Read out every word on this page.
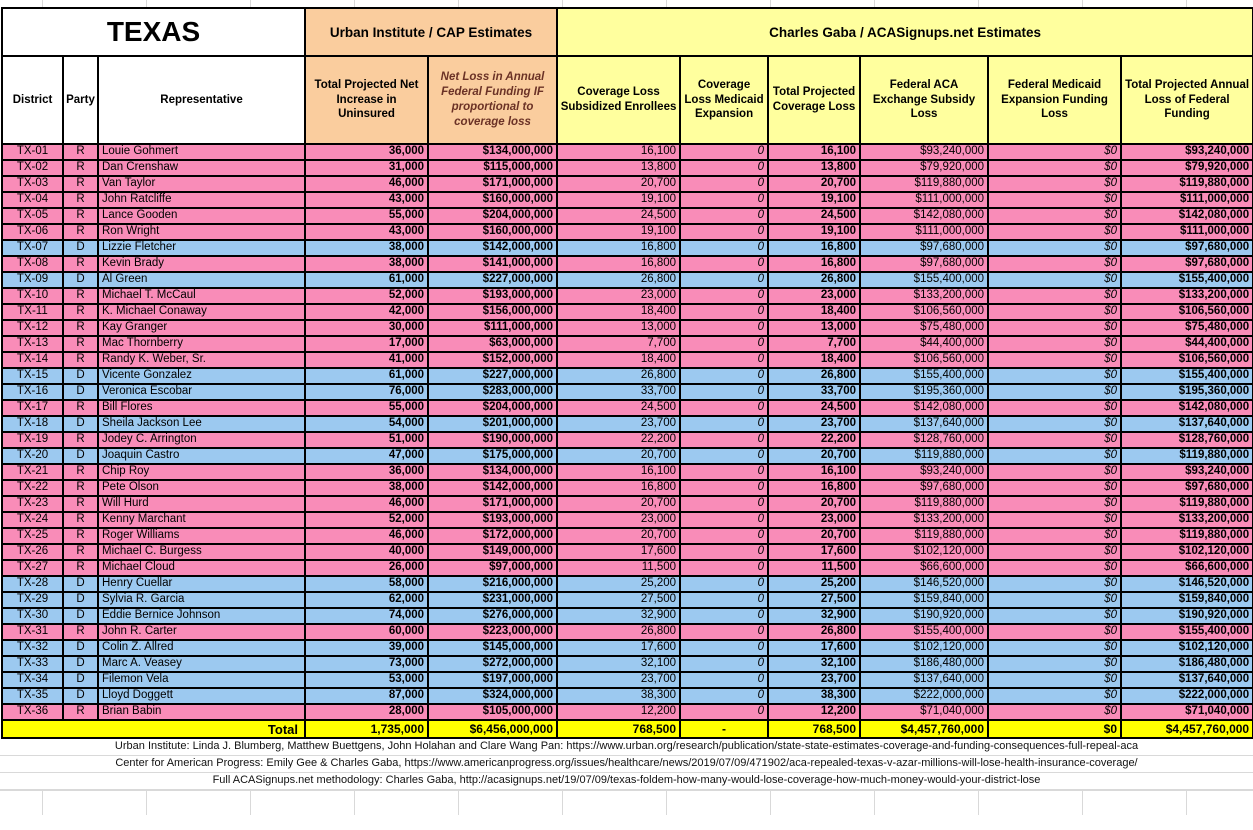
TEXAS			Urban Institute / CAP Estimates		Charles Gaba / ACASignups.net Estimates					
District	Party	Representative	Total Projected Net Increase in Uninsured	Net Loss in Annual Federal Funding IF proportional to coverage loss	Coverage Loss Subsidized Enrollees	Coverage Loss Medicaid Expansion	Total Projected Coverage Loss	Federal ACA Exchange Subsidy Loss	Federal Medicaid Expansion Funding Loss	Total Projected Annual Loss of Federal Funding
TX-01	R	Louie Gohmert	36,000	$134,000,000	16,100	0	16,100	$93,240,000	$0	$93,240,000
TX-02	R	Dan Crenshaw	31,000	$115,000,000	13,800	0	13,800	$79,920,000	$0	$79,920,000
TX-03	R	Van Taylor	46,000	$171,000,000	20,700	0	20,700	$119,880,000	$0	$119,880,000
TX-04	R	John Ratcliffe	43,000	$160,000,000	19,100	0	19,100	$111,000,000	$0	$111,000,000
TX-05	R	Lance Gooden	55,000	$204,000,000	24,500	0	24,500	$142,080,000	$0	$142,080,000
TX-06	R	Ron Wright	43,000	$160,000,000	19,100	0	19,100	$111,000,000	$0	$111,000,000
TX-07	D	Lizzie Fletcher	38,000	$142,000,000	16,800	0	16,800	$97,680,000	$0	$97,680,000
TX-08	R	Kevin Brady	38,000	$141,000,000	16,800	0	16,800	$97,680,000	$0	$97,680,000
TX-09	D	Al Green	61,000	$227,000,000	26,800	0	26,800	$155,400,000	$0	$155,400,000
TX-10	R	Michael T. McCaul	52,000	$193,000,000	23,000	0	23,000	$133,200,000	$0	$133,200,000
TX-11	R	K. Michael Conaway	42,000	$156,000,000	18,400	0	18,400	$106,560,000	$0	$106,560,000
TX-12	R	Kay Granger	30,000	$111,000,000	13,000	0	13,000	$75,480,000	$0	$75,480,000
TX-13	R	Mac Thornberry	17,000	$63,000,000	7,700	0	7,700	$44,400,000	$0	$44,400,000
TX-14	R	Randy K. Weber, Sr.	41,000	$152,000,000	18,400	0	18,400	$106,560,000	$0	$106,560,000
TX-15	D	Vicente Gonzalez	61,000	$227,000,000	26,800	0	26,800	$155,400,000	$0	$155,400,000
TX-16	D	Veronica Escobar	76,000	$283,000,000	33,700	0	33,700	$195,360,000	$0	$195,360,000
TX-17	R	Bill Flores	55,000	$204,000,000	24,500	0	24,500	$142,080,000	$0	$142,080,000
TX-18	D	Sheila Jackson Lee	54,000	$201,000,000	23,700	0	23,700	$137,640,000	$0	$137,640,000
TX-19	R	Jodey C. Arrington	51,000	$190,000,000	22,200	0	22,200	$128,760,000	$0	$128,760,000
TX-20	D	Joaquin Castro	47,000	$175,000,000	20,700	0	20,700	$119,880,000	$0	$119,880,000
TX-21	R	Chip Roy	36,000	$134,000,000	16,100	0	16,100	$93,240,000	$0	$93,240,000
TX-22	R	Pete Olson	38,000	$142,000,000	16,800	0	16,800	$97,680,000	$0	$97,680,000
TX-23	R	Will Hurd	46,000	$171,000,000	20,700	0	20,700	$119,880,000	$0	$119,880,000
TX-24	R	Kenny Marchant	52,000	$193,000,000	23,000	0	23,000	$133,200,000	$0	$133,200,000
TX-25	R	Roger Williams	46,000	$172,000,000	20,700	0	20,700	$119,880,000	$0	$119,880,000
TX-26	R	Michael C. Burgess	40,000	$149,000,000	17,600	0	17,600	$102,120,000	$0	$102,120,000
TX-27	R	Michael Cloud	26,000	$97,000,000	11,500	0	11,500	$66,600,000	$0	$66,600,000
TX-28	D	Henry Cuellar	58,000	$216,000,000	25,200	0	25,200	$146,520,000	$0	$146,520,000
TX-29	D	Sylvia R. Garcia	62,000	$231,000,000	27,500	0	27,500	$159,840,000	$0	$159,840,000
TX-30	D	Eddie Bernice Johnson	74,000	$276,000,000	32,900	0	32,900	$190,920,000	$0	$190,920,000
TX-31	R	John R. Carter	60,000	$223,000,000	26,800	0	26,800	$155,400,000	$0	$155,400,000
TX-32	D	Colin Z. Allred	39,000	$145,000,000	17,600	0	17,600	$102,120,000	$0	$102,120,000
TX-33	D	Marc A. Veasey	73,000	$272,000,000	32,100	0	32,100	$186,480,000	$0	$186,480,000
TX-34	D	Filemon Vela	53,000	$197,000,000	23,700	0	23,700	$137,640,000	$0	$137,640,000
TX-35	D	Lloyd Doggett	87,000	$324,000,000	38,300	0	38,300	$222,000,000	$0	$222,000,000
TX-36	R	Brian Babin	28,000	$105,000,000	12,200	0	12,200	$71,040,000	$0	$71,040,000
Total			1,735,000	$6,456,000,000	768,500	-	768,500	$4,457,760,000	$0	$4,457,760,000
Urban Institute: Linda J. Blumberg, Matthew Buettgens, John Holahan and Clare Wang Pan: https://www.urban.org/research/publication/state-state-estimates-coverage-and-funding-consequences-full-repeal-aca
Center for American Progress: Emily Gee & Charles Gaba, https://www.americanprogress.org/issues/healthcare/news/2019/07/09/471902/aca-repealed-texas-v-azar-millions-will-lose-health-insurance-coverage/
Full ACASignups.net methodology: Charles Gaba, http://acasignups.net/19/07/09/texas-foldem-how-many-would-lose-coverage-how-much-money-would-your-district-lose
